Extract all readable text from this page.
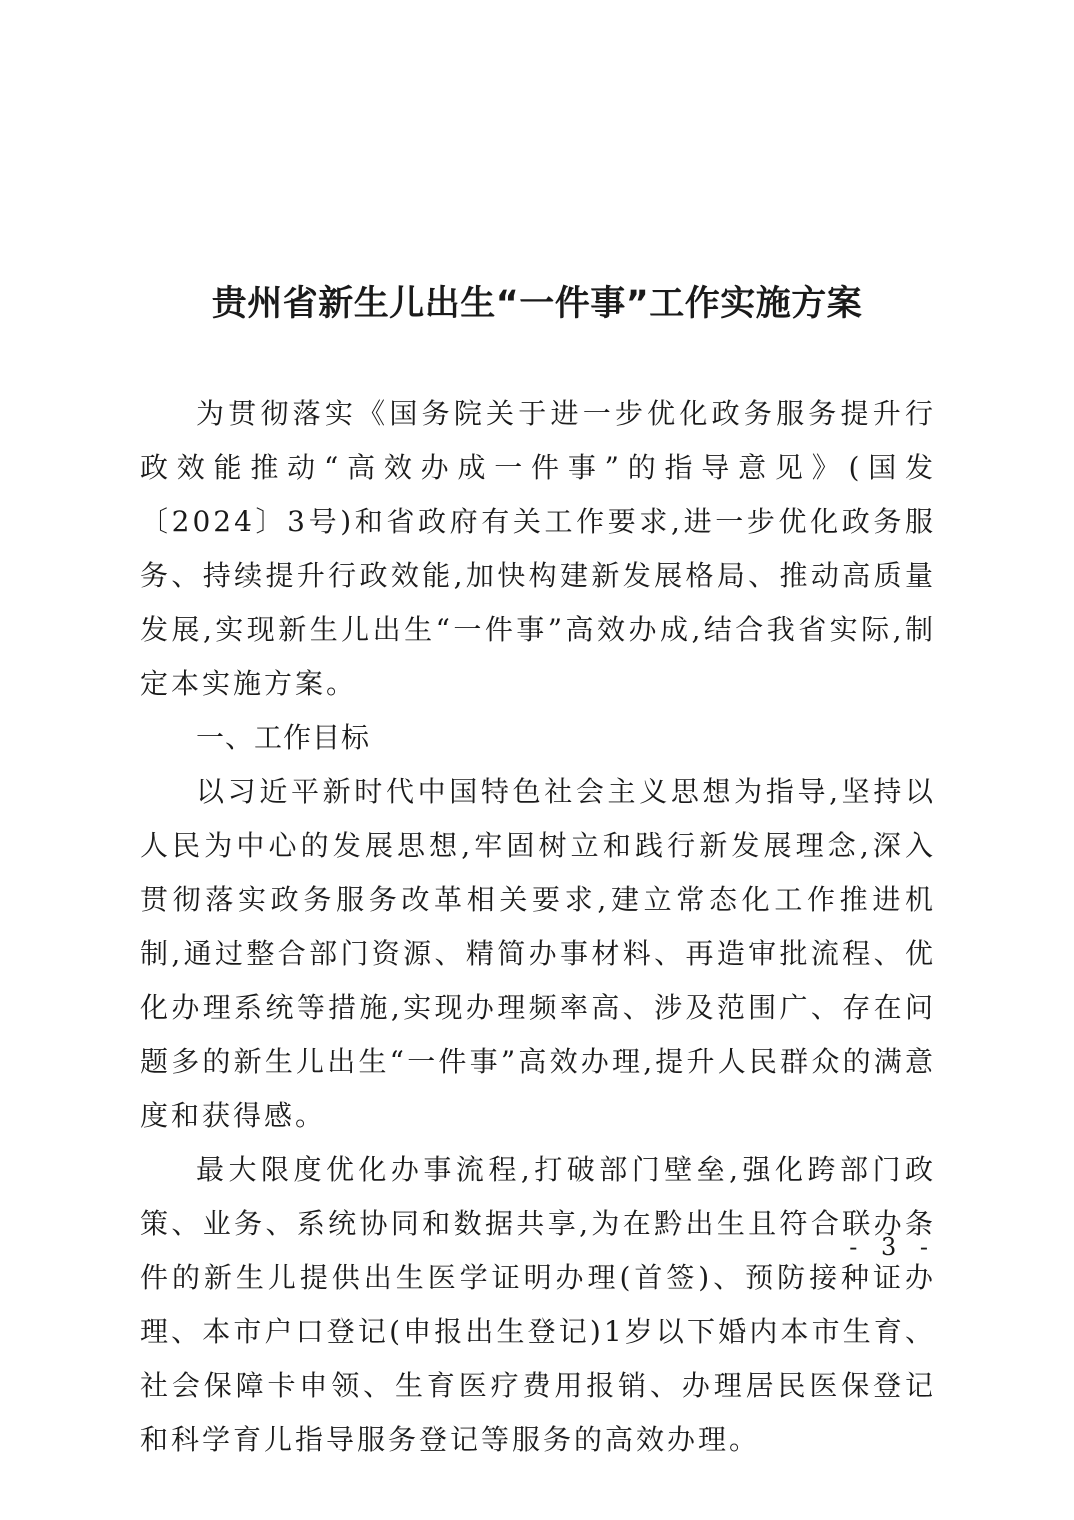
贵州省新生儿出生“一件事”工作实施方案

为贯彻落实《国务院关于进一步优化政务服务提升行政效能推动“高效办成一件事”的指导意见》(国发〔2024〕3号)和省政府有关工作要求,进一步优化政务服务、持续提升行政效能,加快构建新发展格局、推动高质量发展,实现新生儿出生“一件事”高效办成,结合我省实际,制定本实施方案。

一、工作目标

以习近平新时代中国特色社会主义思想为指导,坚持以人民为中心的发展思想,牢固树立和践行新发展理念,深入贯彻落实政务服务改革相关要求,建立常态化工作推进机制,通过整合部门资源、精简办事材料、再造审批流程、优化办理系统等措施,实现办理频率高、涉及范围广、存在问题多的新生儿出生“一件事”高效办理,提升人民群众的满意度和获得感。

最大限度优化办事流程,打破部门壁垒,强化跨部门政策、业务、系统协同和数据共享,为在黔出生且符合联办条件的新生儿提供出生医学证明办理(首签)、预防接种证办理、本市户口登记(申报出生登记)1岁以下婚内本市生育、社会保障卡申领、生育医疗费用报销、办理居民医保登记和科学育儿指导服务登记等服务的高效办理。

- 3 -
